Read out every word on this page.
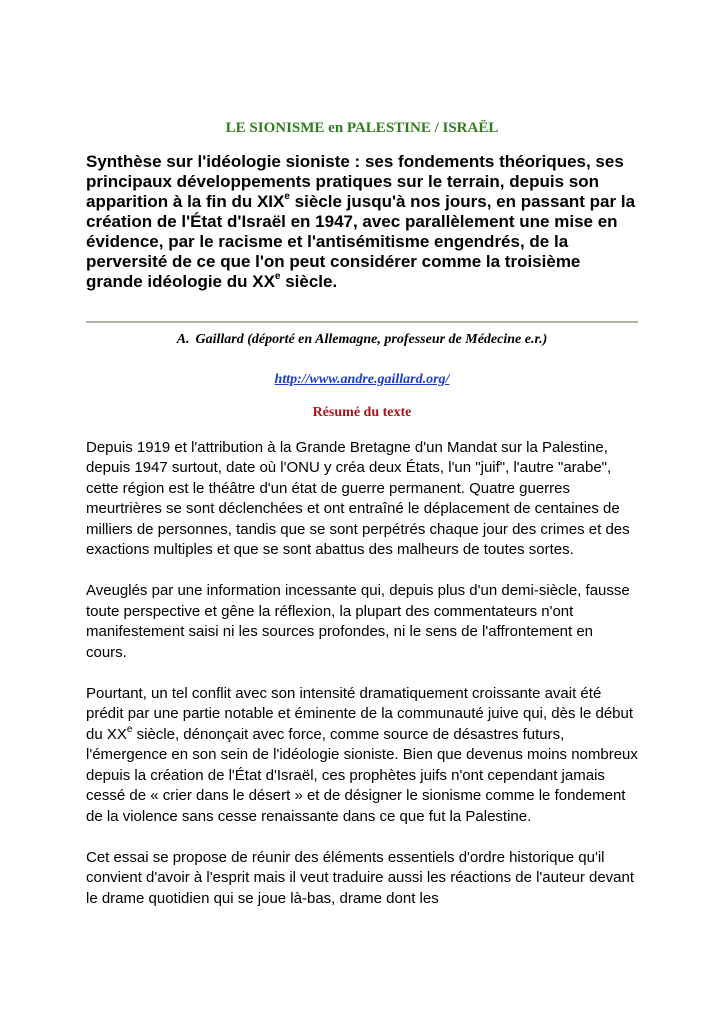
LE SIONISME en PALESTINE / ISRAËL
Synthèse sur l'idéologie sioniste : ses fondements théoriques, ses principaux développements pratiques sur le terrain, depuis son apparition à la fin du XIXe siècle jusqu'à nos jours, en passant par la création de l'État d'Israël en 1947, avec parallèlement une mise en évidence, par le racisme et l'antisémitisme engendrés, de la perversité de ce que l'on peut considérer comme la troisième grande idéologie du XXe siècle.
A. Gaillard (déporté en Allemagne, professeur de Médecine e.r.)
http://www.andre.gaillard.org/
Résumé du texte

Depuis 1919 et l'attribution à la Grande Bretagne d'un Mandat sur la Palestine, depuis 1947 surtout, date où l'ONU y créa deux États, l'un "juif", l'autre "arabe", cette région est le théâtre d'un état de guerre permanent. Quatre guerres meurtrières se sont déclenchées et ont entraîné le déplacement de centaines de milliers de personnes, tandis que se sont perpétrés chaque jour des crimes et des exactions multiples et que se sont abattus des malheurs de toutes sortes.

Aveuglés par une information incessante qui, depuis plus d'un demi-siècle, fausse toute perspective et gêne la réflexion, la plupart des commentateurs n'ont manifestement saisi ni les sources profondes, ni le sens de l'affrontement en cours.

Pourtant, un tel conflit avec son intensité dramatiquement croissante avait été prédit par une partie notable et éminente de la communauté juive qui, dès le début du XXe siècle, dénonçait avec force, comme source de désastres futurs, l'émergence en son sein de l'idéologie sioniste. Bien que devenus moins nombreux depuis la création de l'État d'Israël, ces prophètes juifs n'ont cependant jamais cessé de « crier dans le désert » et de désigner le sionisme comme le fondement de la violence sans cesse renaissante dans ce que fut la Palestine.

Cet essai se propose de réunir des éléments essentiels d'ordre historique qu'il convient d'avoir à l'esprit mais il veut traduire aussi les réactions de l'auteur devant le drame quotidien qui se joue là-bas, drame dont les
